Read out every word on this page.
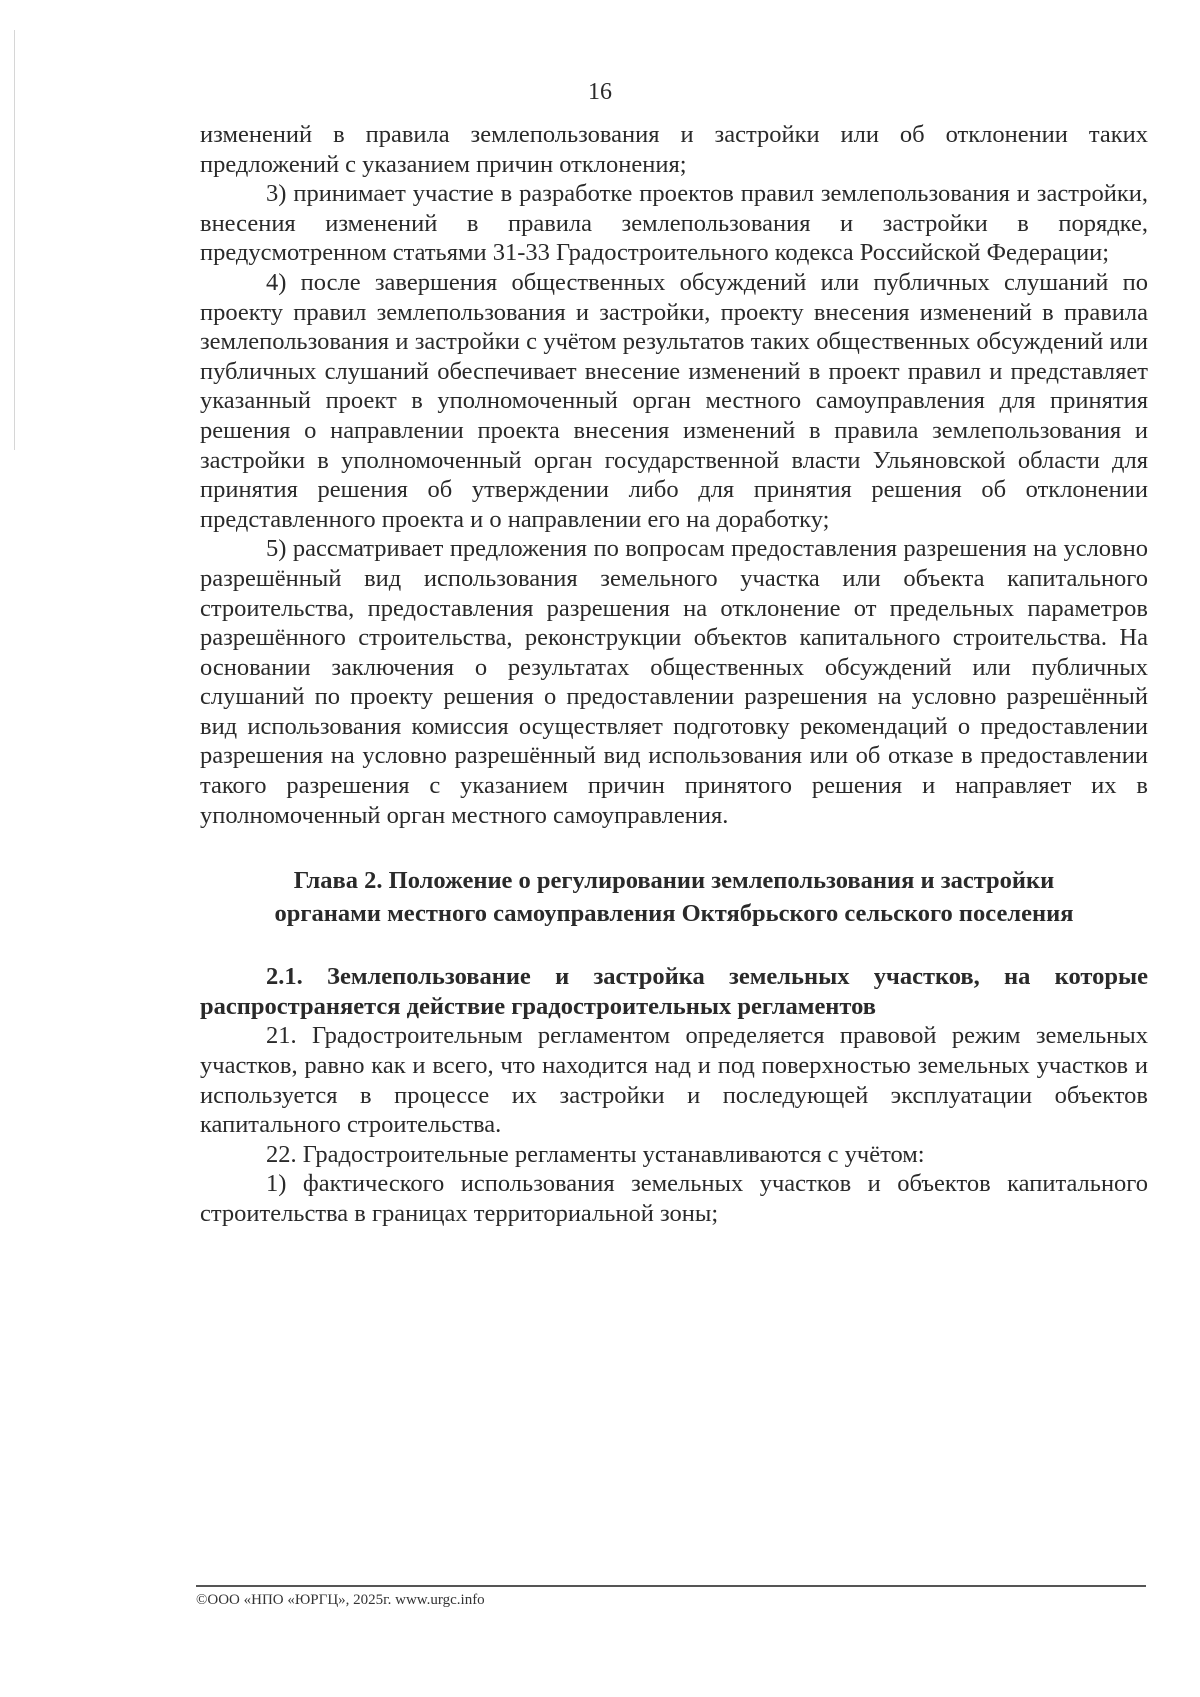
16

изменений в правила землепользования и застройки или об отклонении таких предложений с указанием причин отклонения;

3) принимает участие в разработке проектов правил землепользования и застройки, внесения изменений в правила землепользования и застройки в порядке, предусмотренном статьями 31-33 Градостроительного кодекса Российской Федерации;

4) после завершения общественных обсуждений или публичных слушаний по проекту правил землепользования и застройки, проекту внесения изменений в правила землепользования и застройки с учётом результатов таких общественных обсуждений или публичных слушаний обеспечивает внесение изменений в проект правил и представляет указанный проект в уполномоченный орган местного самоуправления для принятия решения о направлении проекта внесения изменений в правила землепользования и застройки в уполномоченный орган государственной власти Ульяновской области для принятия решения об утверждении либо для принятия решения об отклонении представленного проекта и о направлении его на доработку;

5) рассматривает предложения по вопросам предоставления разрешения на условно разрешённый вид использования земельного участка или объекта капитального строительства, предоставления разрешения на отклонение от предельных параметров разрешённого строительства, реконструкции объектов капитального строительства. На основании заключения о результатах общественных обсуждений или публичных слушаний по проекту решения о предоставлении разрешения на условно разрешённый вид использования комиссия осуществляет подготовку рекомендаций о предоставлении разрешения на условно разрешённый вид использования или об отказе в предоставлении такого разрешения с указанием причин принятого решения и направляет их в уполномоченный орган местного самоуправления.

Глава 2. Положение о регулировании землепользования и застройки
органами местного самоуправления Октябрьского сельского поселения

2.1. Землепользование и застройка земельных участков, на которые распространяется действие градостроительных регламентов

21. Градостроительным регламентом определяется правовой режим земельных участков, равно как и всего, что находится над и под поверхностью земельных участков и используется в процессе их застройки и последующей эксплуатации объектов капитального строительства.

22. Градостроительные регламенты устанавливаются с учётом:

1) фактического использования земельных участков и объектов капитального строительства в границах территориальной зоны;

©ООО «НПО «ЮРГЦ», 2025г. www.urgc.info
